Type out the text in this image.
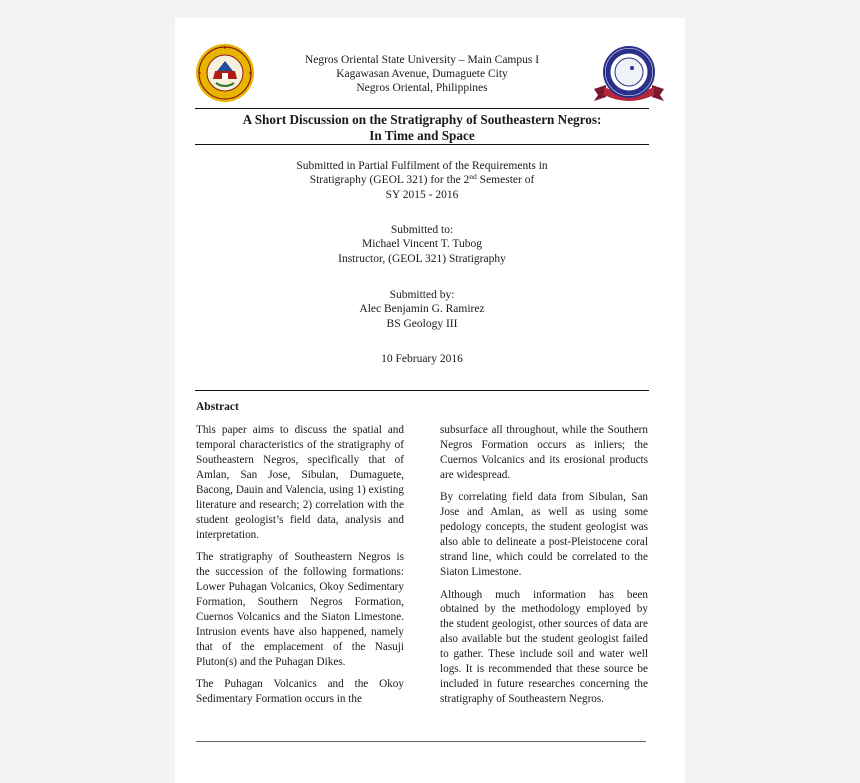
Negros Oriental State University – Main Campus I
Kagawasan Avenue, Dumaguete City
Negros Oriental, Philippines
A Short Discussion on the Stratigraphy of Southeastern Negros:
In Time and Space
Submitted in Partial Fulfilment of the Requirements in
Stratigraphy (GEOL 321) for the 2nd Semester of
SY 2015 - 2016
Submitted to:
Michael Vincent T. Tubog
Instructor, (GEOL 321) Stratigraphy
Submitted by:
Alec Benjamin G. Ramirez
BS Geology III
10 February 2016
Abstract

This paper aims to discuss the spatial and temporal characteristics of the stratigraphy of Southeastern Negros, specifically that of Amlan, San Jose, Sibulan, Dumaguete, Bacong, Dauin and Valencia, using 1) existing literature and research; 2) correlation with the student geologist’s field data, analysis and interpretation.

The stratigraphy of Southeastern Negros is the succession of the following formations: Lower Puhagan Volcanics, Okoy Sedimentary Formation, Southern Negros Formation, Cuernos Volcanics and the Siaton Limestone. Intrusion events have also happened, namely that of the emplacement of the Nasuji Pluton(s) and the Puhagan Dikes.

The Puhagan Volcanics and the Okoy Sedimentary Formation occurs in the

subsurface all throughout, while the Southern Negros Formation occurs as inliers; the Cuernos Volcanics and its erosional products are widespread.

By correlating field data from Sibulan, San Jose and Amlan, as well as using some pedology concepts, the student geologist was also able to delineate a post-Pleistocene coral strand line, which could be correlated to the Siaton Limestone.

Although much information has been obtained by the methodology employed by the student geologist, other sources of data are also available but the student geologist failed to gather. These include soil and water well logs. It is recommended that these source be included in future researches concerning the stratigraphy of Southeastern Negros.
